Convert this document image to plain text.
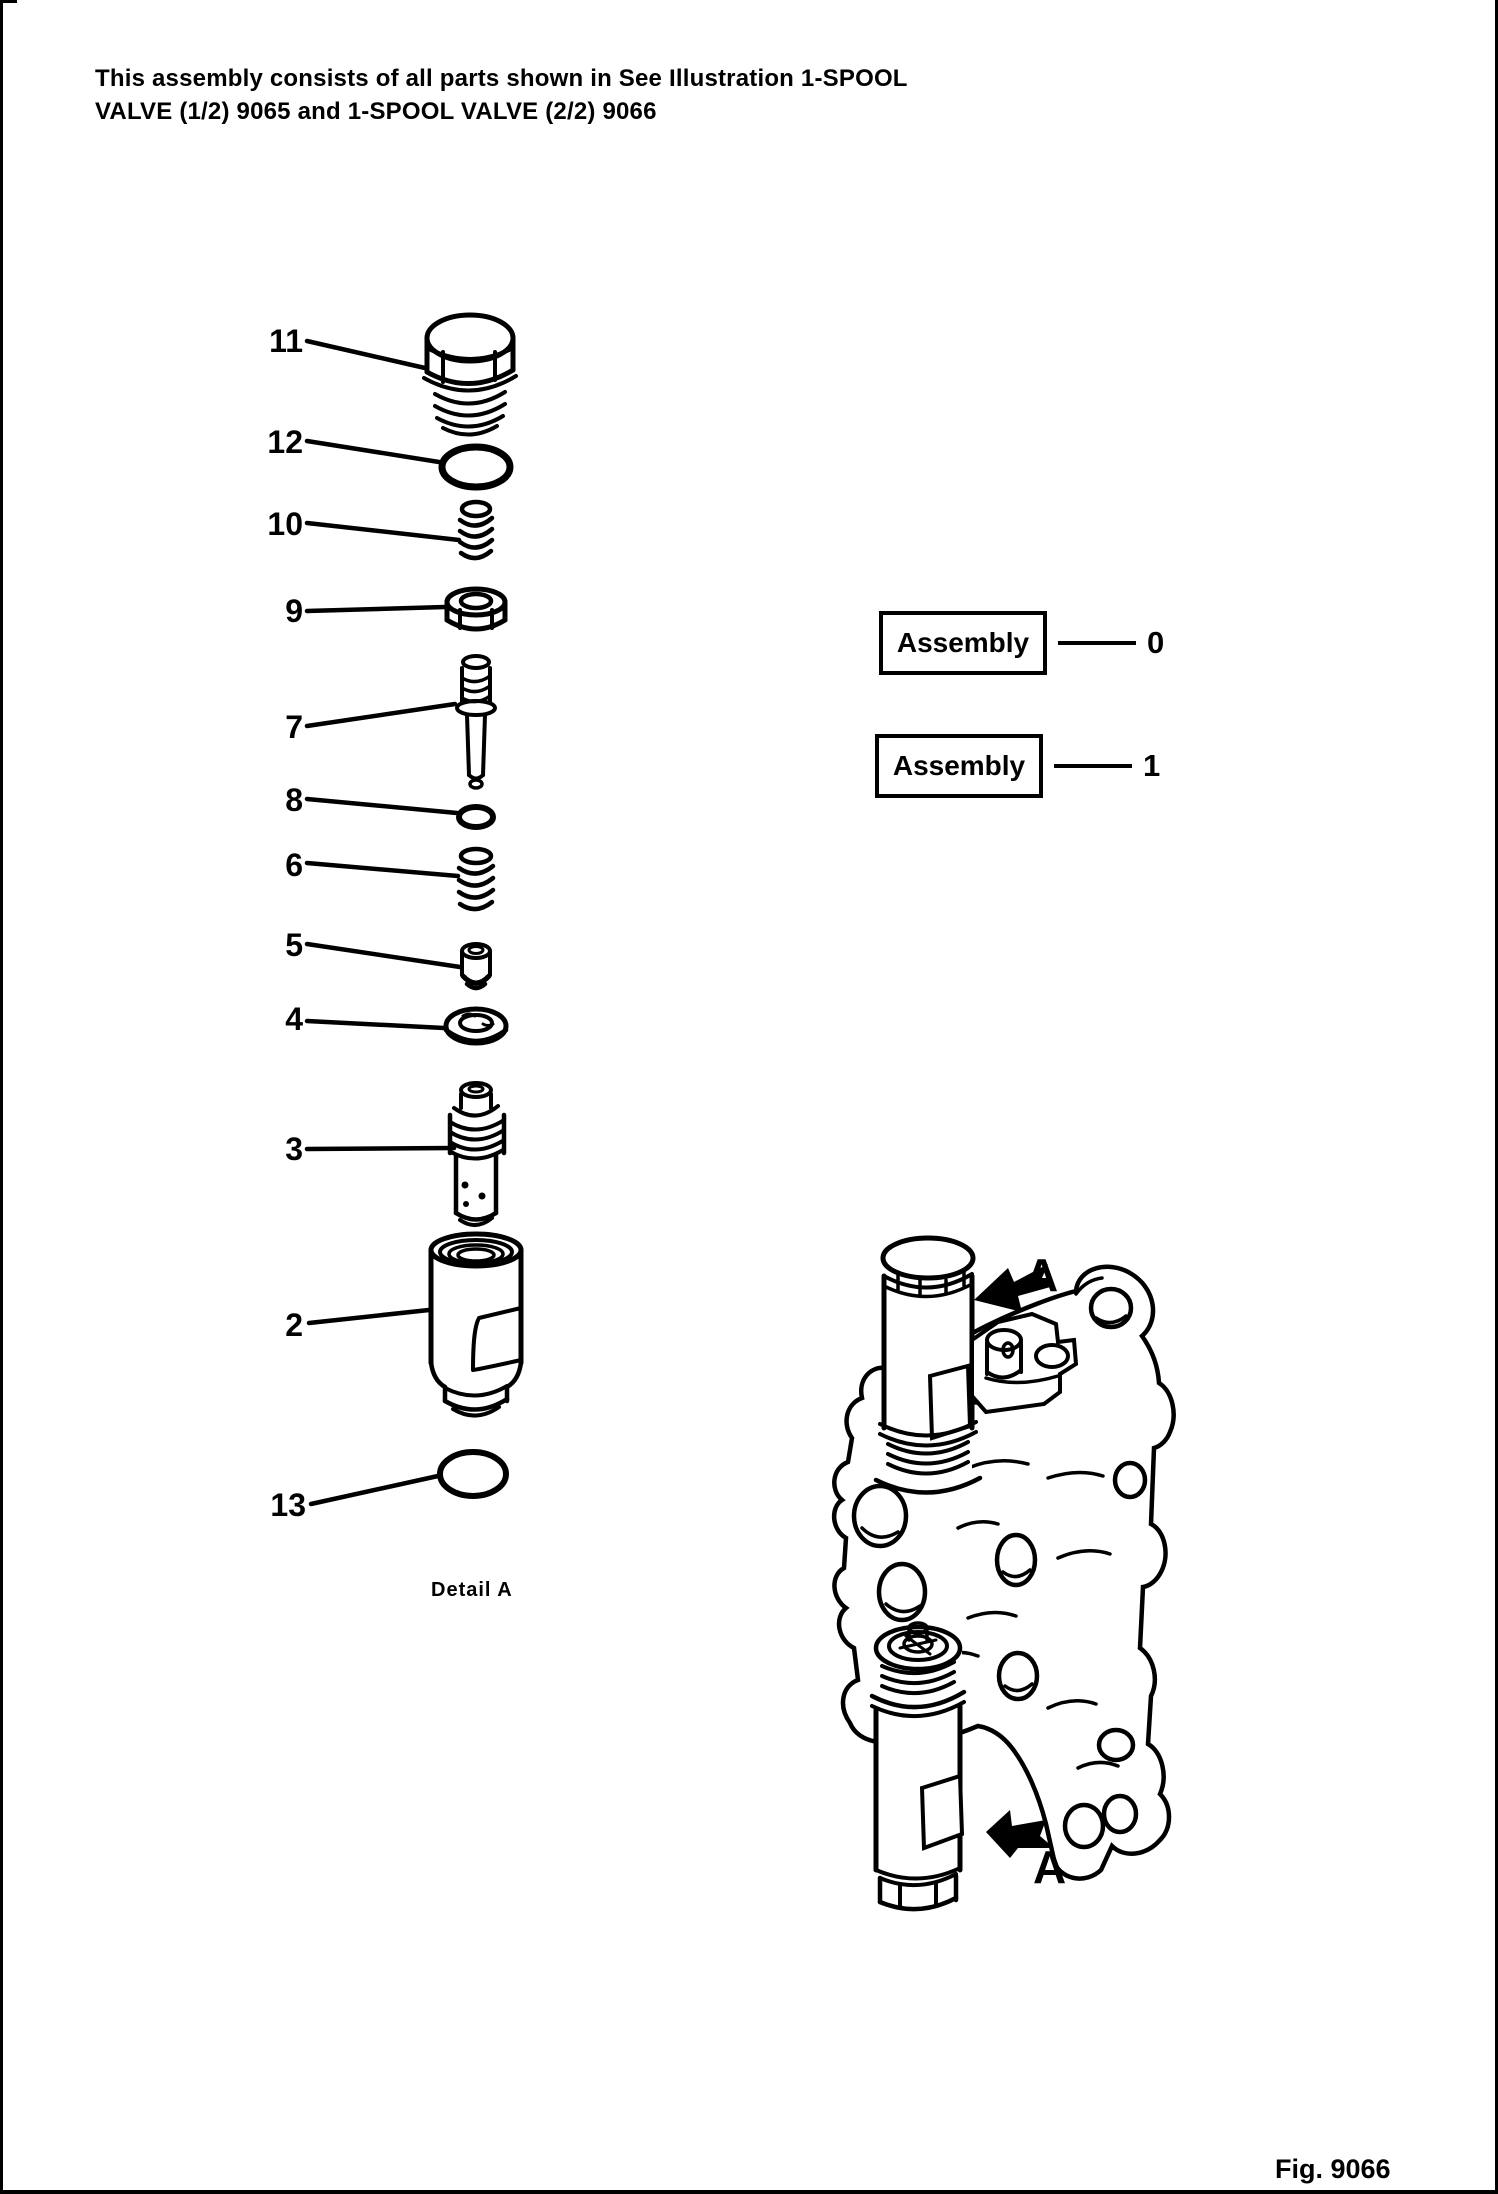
This assembly consists of all parts shown in See Illustration 1-SPOOL
VALVE (1/2) 9065 and 1-SPOOL VALVE (2/2) 9066
11
12
10
9
7
8
6
5
4
3
2
13
Assembly	0
Assembly	1
A
A
Detail A
Fig. 9066
